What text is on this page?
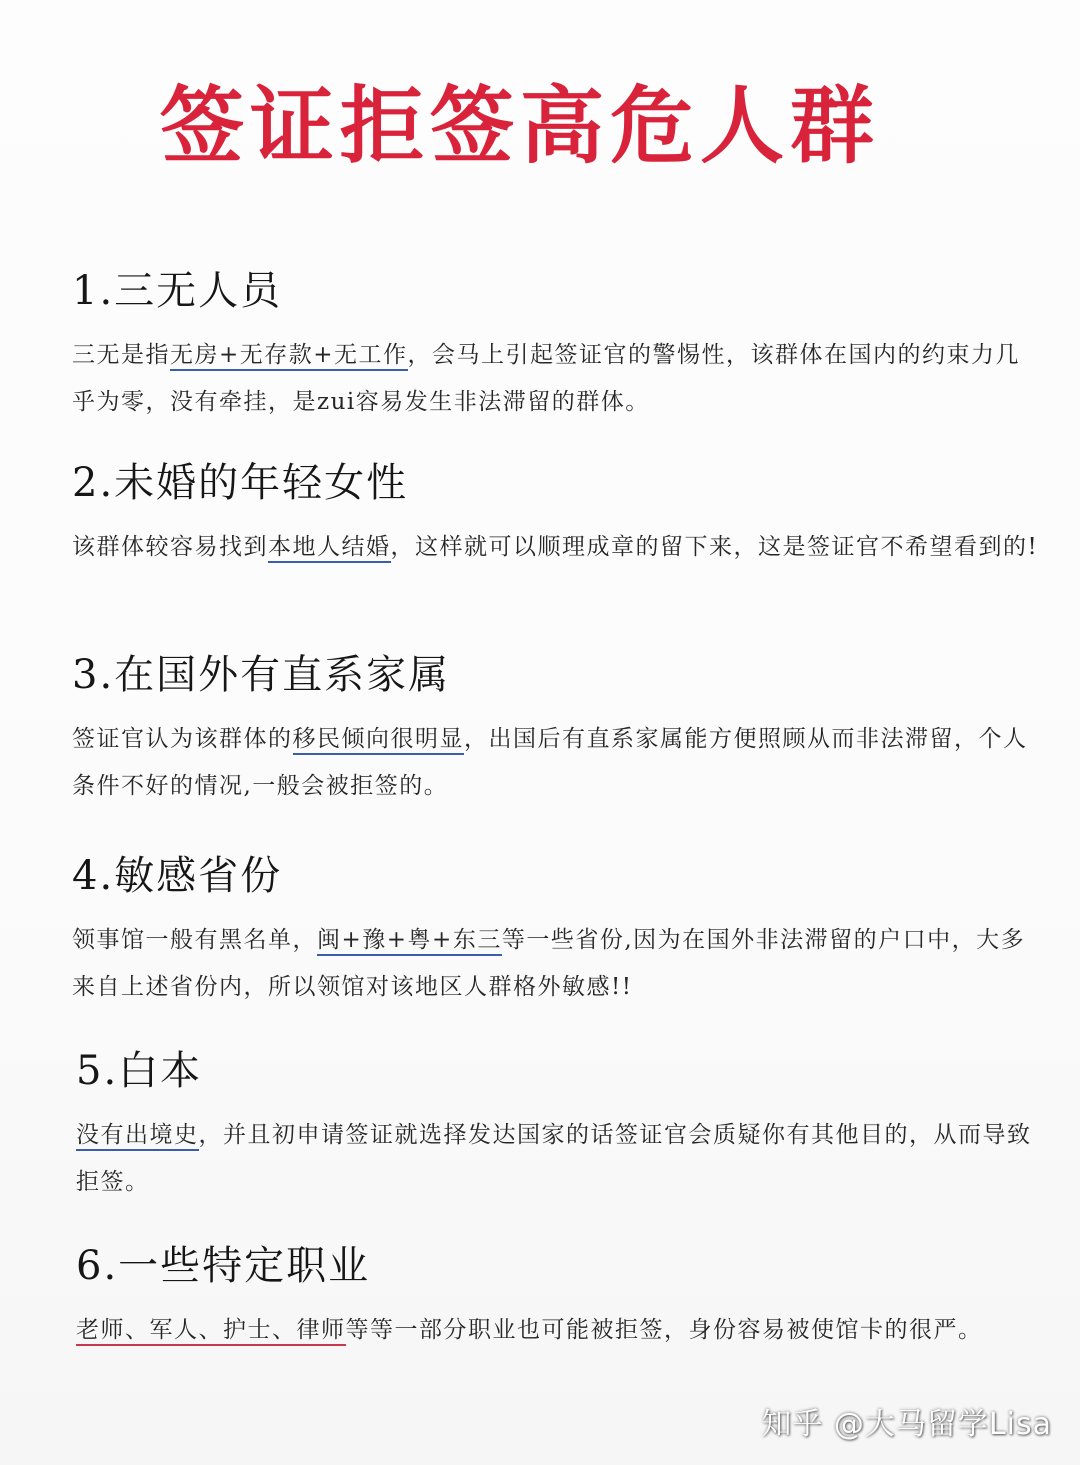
签证拒签高危人群
1.三无人员
三无是指无房+无存款+无工作，会马上引起签证官的警惕性，该群体在国内的约束力几乎为零，没有牵挂，是zui容易发生非法滞留的群体。
2.未婚的年轻女性
该群体较容易找到本地人结婚，这样就可以顺理成章的留下来，这是签证官不希望看到的!
3.在国外有直系家属
签证官认为该群体的移民倾向很明显，出国后有直系家属能方便照顾从而非法滞留，个人条件不好的情况,一般会被拒签的。
4.敏感省份
领事馆一般有黑名单，闽+豫+粤+东三等一些省份,因为在国外非法滞留的户口中，大多来自上述省份内，所以领馆对该地区人群格外敏感!!
5.白本
没有出境史，并且初申请签证就选择发达国家的话签证官会质疑你有其他目的，从而导致拒签。
6.一些特定职业
老师、军人、护士、律师等等一部分职业也可能被拒签，身份容易被使馆卡的很严。
知乎 @大马留学Lisa
